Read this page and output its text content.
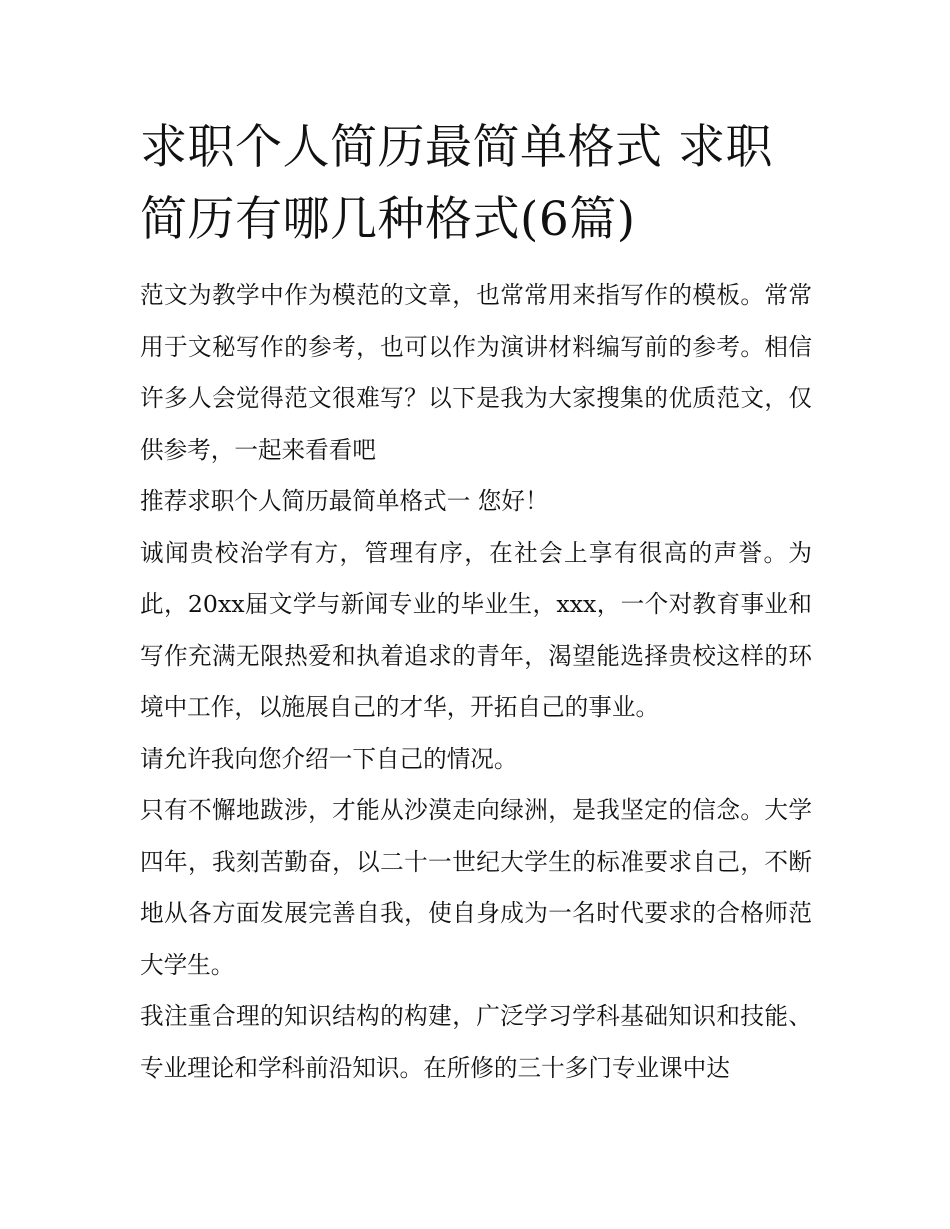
求职个人简历最简单格式 求职简历有哪几种格式(6篇)

范文为教学中作为模范的文章，也常常用来指写作的模板。常常用于文秘写作的参考，也可以作为演讲材料编写前的参考。相信许多人会觉得范文很难写？以下是我为大家搜集的优质范文，仅供参考，一起来看看吧

推荐求职个人简历最简单格式一 您好！

诚闻贵校治学有方，管理有序，在社会上享有很高的声誉。为此，20xx届文学与新闻专业的毕业生，xxx，一个对教育事业和写作充满无限热爱和执着追求的青年，渴望能选择贵校这样的环境中工作，以施展自己的才华，开拓自己的事业。

请允许我向您介绍一下自己的情况。

只有不懈地跋涉，才能从沙漠走向绿洲，是我坚定的信念。大学四年，我刻苦勤奋，以二十一世纪大学生的标准要求自己，不断地从各方面发展完善自我，使自身成为一名时代要求的合格师范大学生。

我注重合理的知识结构的构建，广泛学习学科基础知识和技能、专业理论和学科前沿知识。在所修的三十多门专业课中达
